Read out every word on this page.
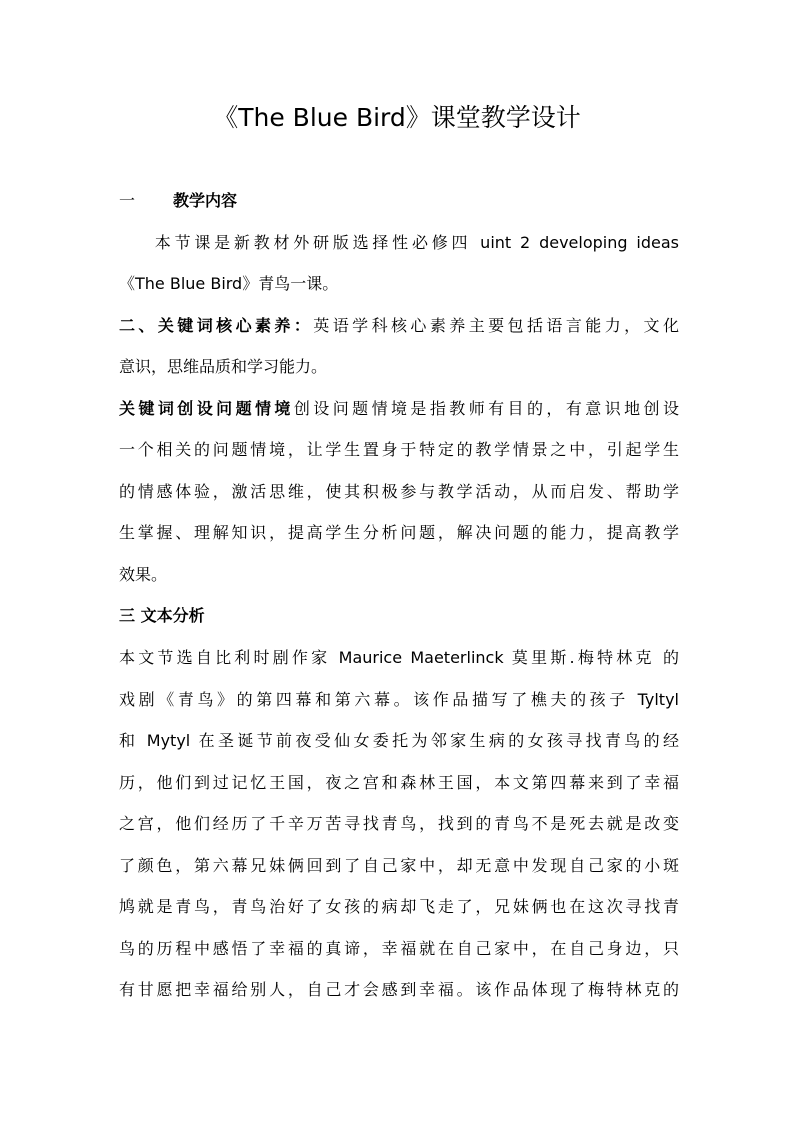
《The Blue Bird》课堂教学设计
一 教学内容
本节课是新教材外研版选择性必修四 uint 2 developing ideas
《The Blue Bird》青鸟一课。
二、关键词核心素养：英语学科核心素养主要包括语言能力，文化
意识，思维品质和学习能力。
关键词创设问题情境创设问题情境是指教师有目的，有意识地创设
一个相关的问题情境，让学生置身于特定的教学情景之中，引起学生
的情感体验，激活思维，使其积极参与教学活动，从而启发、帮助学
生掌握、理解知识，提高学生分析问题，解决问题的能力，提高教学
效果。
三 文本分析
本文节选自比利时剧作家 Maurice Maeterlinck 莫里斯.梅特林克 的
戏剧《青鸟》的第四幕和第六幕。该作品描写了樵夫的孩子 Tyltyl
和 Mytyl 在圣诞节前夜受仙女委托为邻家生病的女孩寻找青鸟的经
历，他们到过记忆王国，夜之宫和森林王国，本文第四幕来到了幸福
之宫，他们经历了千辛万苦寻找青鸟，找到的青鸟不是死去就是改变
了颜色，第六幕兄妹俩回到了自己家中，却无意中发现自己家的小斑
鸠就是青鸟，青鸟治好了女孩的病却飞走了，兄妹俩也在这次寻找青
鸟的历程中感悟了幸福的真谛，幸福就在自己家中，在自己身边，只
有甘愿把幸福给别人，自己才会感到幸福。该作品体现了梅特林克的
